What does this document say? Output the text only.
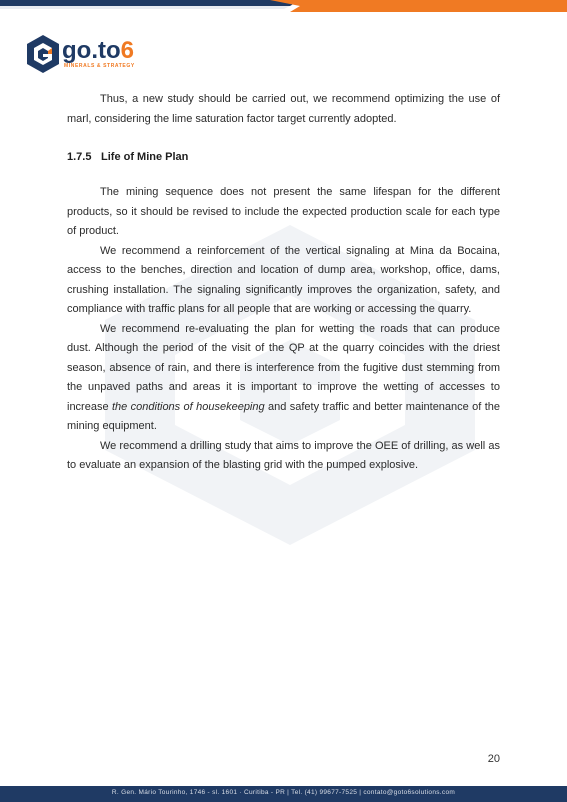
go.to6
MINERALS & STRATEGY

Thus, a new study should be carried out, we recommend optimizing the use of marl, considering the lime saturation factor target currently adopted.

1.7.5 Life of Mine Plan

The mining sequence does not present the same lifespan for the different products, so it should be revised to include the expected production scale for each type of product.

We recommend a reinforcement of the vertical signaling at Mina da Bocaina, access to the benches, direction and location of dump area, workshop, office, dams, crushing installation. The signaling significantly improves the organization, safety, and compliance with traffic plans for all people that are working or accessing the quarry.

We recommend re-evaluating the plan for wetting the roads that can produce dust. Although the period of the visit of the QP at the quarry coincides with the driest season, absence of rain, and there is interference from the fugitive dust stemming from the unpaved paths and areas it is important to improve the wetting of accesses to increase the conditions of housekeeping and safety traffic and better maintenance of the mining equipment.

We recommend a drilling study that aims to improve the OEE of drilling, as well as to evaluate an expansion of the blasting grid with the pumped explosive.

20
R. Gen. Mário Tourinho, 1746 - sl. 1601 · Curitiba - PR | Tel. (41) 99677-7525 | contato@goto6solutions.com
